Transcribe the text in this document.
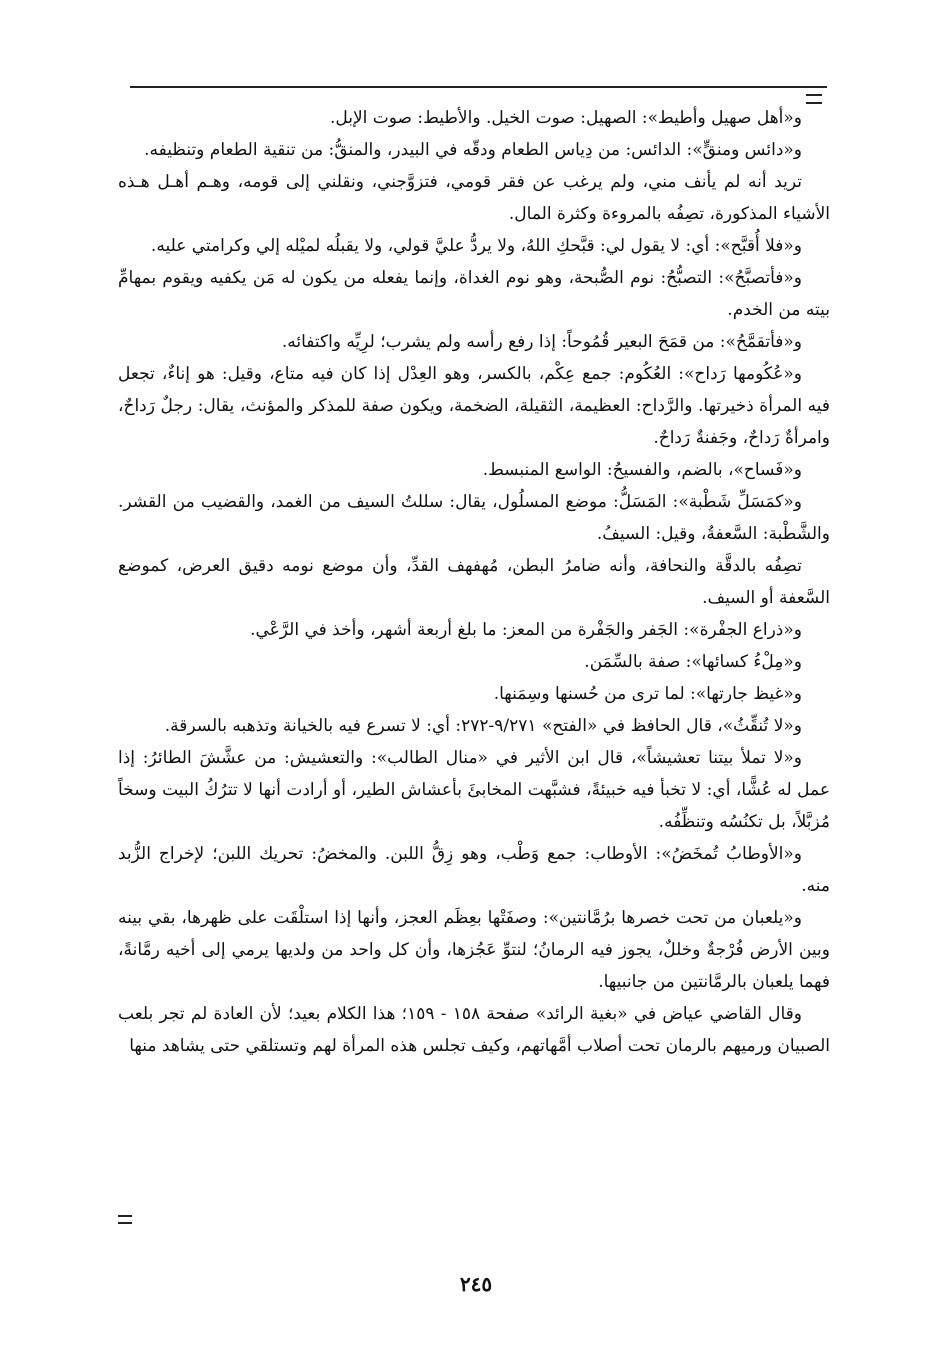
و«أهل صهيل وأطيط»: الصهيل: صوت الخيل. والأطيط: صوت الإبل.

و«دائس ومنقٍّ»: الدائس: من دِياس الطعام ودقّه في البيدر، والمنقُّ: من تنقية الطعام وتنظيفه.

تريد أنه لم يأنف مني، ولم يرغب عن فقر قومي، فتزوَّجني، ونقلني إلى قومه، وهـم أهـل هـذه الأشياء المذكورة، تصِفُه بالمروءة وكثرة المال.

و«فلا أُقبَّح»: أي: لا يقول لي: قبَّحكِ اللهُ، ولا يردُّ عليَّ قولي، ولا يقبلُه لميْله إلي وكرامتي عليه.

و«فأتصبَّحُ»: التصبُّحُ: نوم الصُّبحة، وهو نوم الغداة، وإنما يفعله من يكون له مَن يكفيه ويقوم بمهامِّ بيته من الخدم.

و«فأتقمَّحُ»: من قمَحَ البعير قُمُوحاً: إذا رفع رأسه ولم يشرب؛ لرِيِّه واكتفائه.

و«عُكُومها رَداح»: العُكُوم: جمع عِكْم، بالكسر، وهو العِدْل إذا كان فيه متاع، وقيل: هو إناءٌ، تجعل فيه المرأة ذخيرتها. والرَّداح: العظيمة، الثقيلة، الضخمة، ويكون صفة للمذكر والمؤنث، يقال: رجلٌ رَداحٌ، وامرأةٌ رَداحٌ، وجَفنةٌ رَداحٌ.

و«فَساح»، بالضم، والفسيحُ: الواسع المنبسط.

و«كمَسَلِّ شَطْبة»: المَسَلُّ: موضع المسلُول، يقال: سللتُ السيف من الغمد، والقضيب من القشر. والشَّطْبة: السَّعفةُ، وقيل: السيفُ.

تصِفُه بالدقَّة والنحافة، وأنه ضامرُ البطن، مُهفهف القدِّ، وأن موضع نومه دقيق العرض، كموضع السَّعفة أو السيف.

و«ذراع الجفْرة»: الجَفر والجَفْرة من المعز: ما بلغ أربعة أشهر، وأخذ في الرَّعْي.

و«مِلْءُ كسائها»: صفة بالسِّمَن.

و«غيظ جارتها»: لما ترى من حُسنها وسِمَنها.

و«لا تُنقِّثُ»، قال الحافظ في «الفتح» ٩/٢٧١-٢٧٢: أي: لا تسرع فيه بالخيانة وتذهبه بالسرقة.

و«لا تملأ بيتنا تعشيشاً»، قال ابن الأثير في «منال الطالب»: والتعشيش: من عشَّشَ الطائرُ: إذا عمل له عُشًّا، أي: لا تخبأ فيه خبيئةً، فشبَّهت المخابئَ بأعشاش الطير، أو أرادت أنها لا تترُكُ البيت وسخاً مُزبَّلاً، بل تكنُسُه وتنظِّفُه.

و«الأوطابُ تُمخَضُ»: الأوطاب: جمع وَطْب، وهو زِقُّ اللبن. والمخضُ: تحريك اللبن؛ لإخراج الزُّبد منه.

و«يلعبان من تحت خصرها برُمَّانتين»: وصفَتْها بعِظَم العجز، وأنها إذا استلْقَت على ظهرها، بقي بينه وبين الأرض فُرْجةٌ وخللٌ، يجوز فيه الرمانُ؛ لنتوِّ عَجُزها، وأن كل واحد من ولديها يرمي إلى أخيه رمَّانةً، فهما يلعبان بالرمَّانتين من جانبيها.

وقال القاضي عياض في «بغية الرائد» صفحة ١٥٨ - ١٥٩؛ هذا الكلام بعيد؛ لأن العادة لم تجر بلعب الصبيان ورميهم بالرمان تحت أصلاب أمَّهاتهم، وكيف تجلس هذه المرأة لهم وتستلقي حتى يشاهد منها

٢٤٥
